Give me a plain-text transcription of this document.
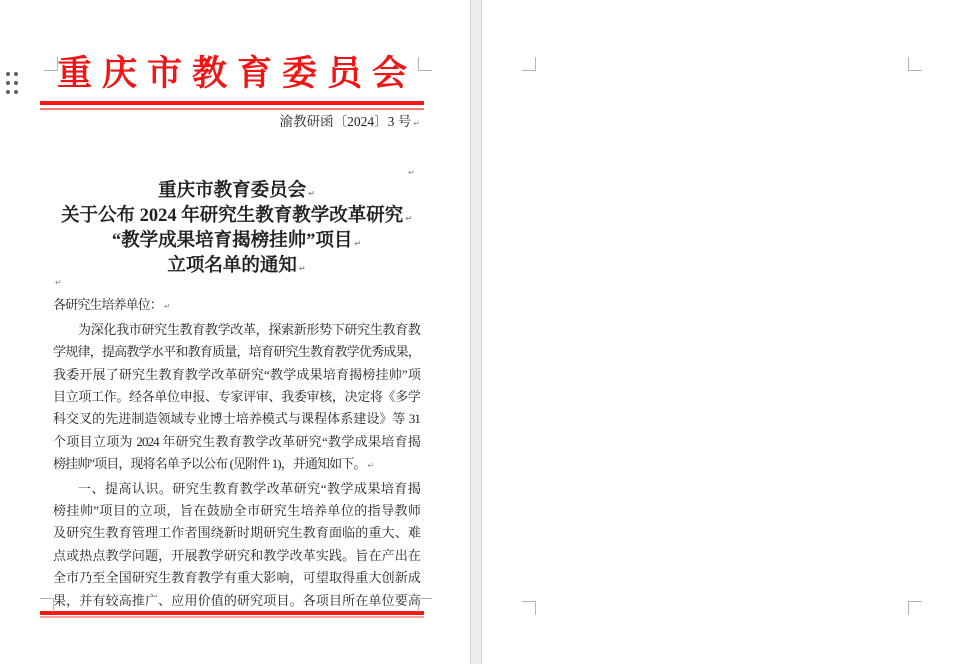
重庆市教育委员会
渝教研函〔2024〕3 号 ↵
↵
重庆市教育委员会 ↵
关于公布 2024 年研究生教育教学改革研究 ↵
“教学成果培育揭榜挂帅”项目 ↵
立项名单的通知 ↵
↵
各研究生培养单位： ↵
为深化我市研究生教育教学改革，探索新形势下研究生教育教
学规律，提高教学水平和教育质量，培育研究生教育教学优秀成果，
我委开展了研究生教育教学改革研究“教学成果培育揭榜挂帅”项
目立项工作。经各单位申报、专家评审、我委审核，决定将《多学
科交叉的先进制造领域专业博士培养模式与课程体系建设》等 31
个项目立项为 2024 年研究生教育教学改革研究“教学成果培育揭
榜挂帅”项目，现将名单予以公布 (见附件 1)，并通知如下。 ↵
一、提高认识。研究生教育教学改革研究“教学成果培育揭
榜挂帅”项目的立项，旨在鼓励全市研究生培养单位的指导教师
及研究生教育管理工作者围绕新时期研究生教育面临的重大、难
点或热点教学问题，开展教学研究和教学改革实践。旨在产出在
全市乃至全国研究生教育教学有重大影响，可望取得重大创新成
果，并有较高推广、应用价值的研究项目。各项目所在单位要高
